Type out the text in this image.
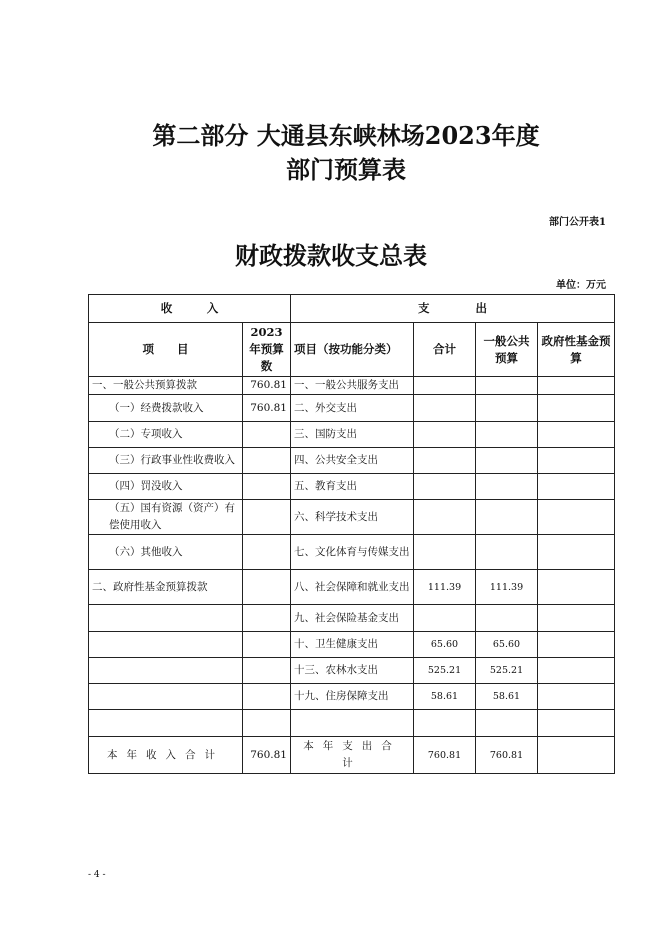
第二部分 大通县东峡林场2023年度
部门预算表
部门公开表1
财政拨款收支总表
单位：万元
收　　　入		支　　　　出			
项　　目	2023年预算数	项目（按功能分类）	合计	一般公共预算	政府性基金预算
一、一般公共预算拨款	760.81	一、一般公共服务支出			
（一）经费拨款收入	760.81	二、外交支出			
（二）专项收入		三、国防支出			
（三）行政事业性收费收入		四、公共安全支出			
（四）罚没收入		五、教育支出			
（五）国有资源（资产）有偿使用收入		六、科学技术支出			
（六）其他收入		七、文化体育与传媒支出			
二、政府性基金预算拨款		八、社会保障和就业支出	111.39	111.39	
		九、社会保险基金支出			
		十、卫生健康支出	65.60	65.60	
		十三、农林水支出	525.21	525.21	
		十九、住房保障支出	58.61	58.61	

本年收入合计	760.81	本年支出合计	760.81	760.81	
- 4 -
